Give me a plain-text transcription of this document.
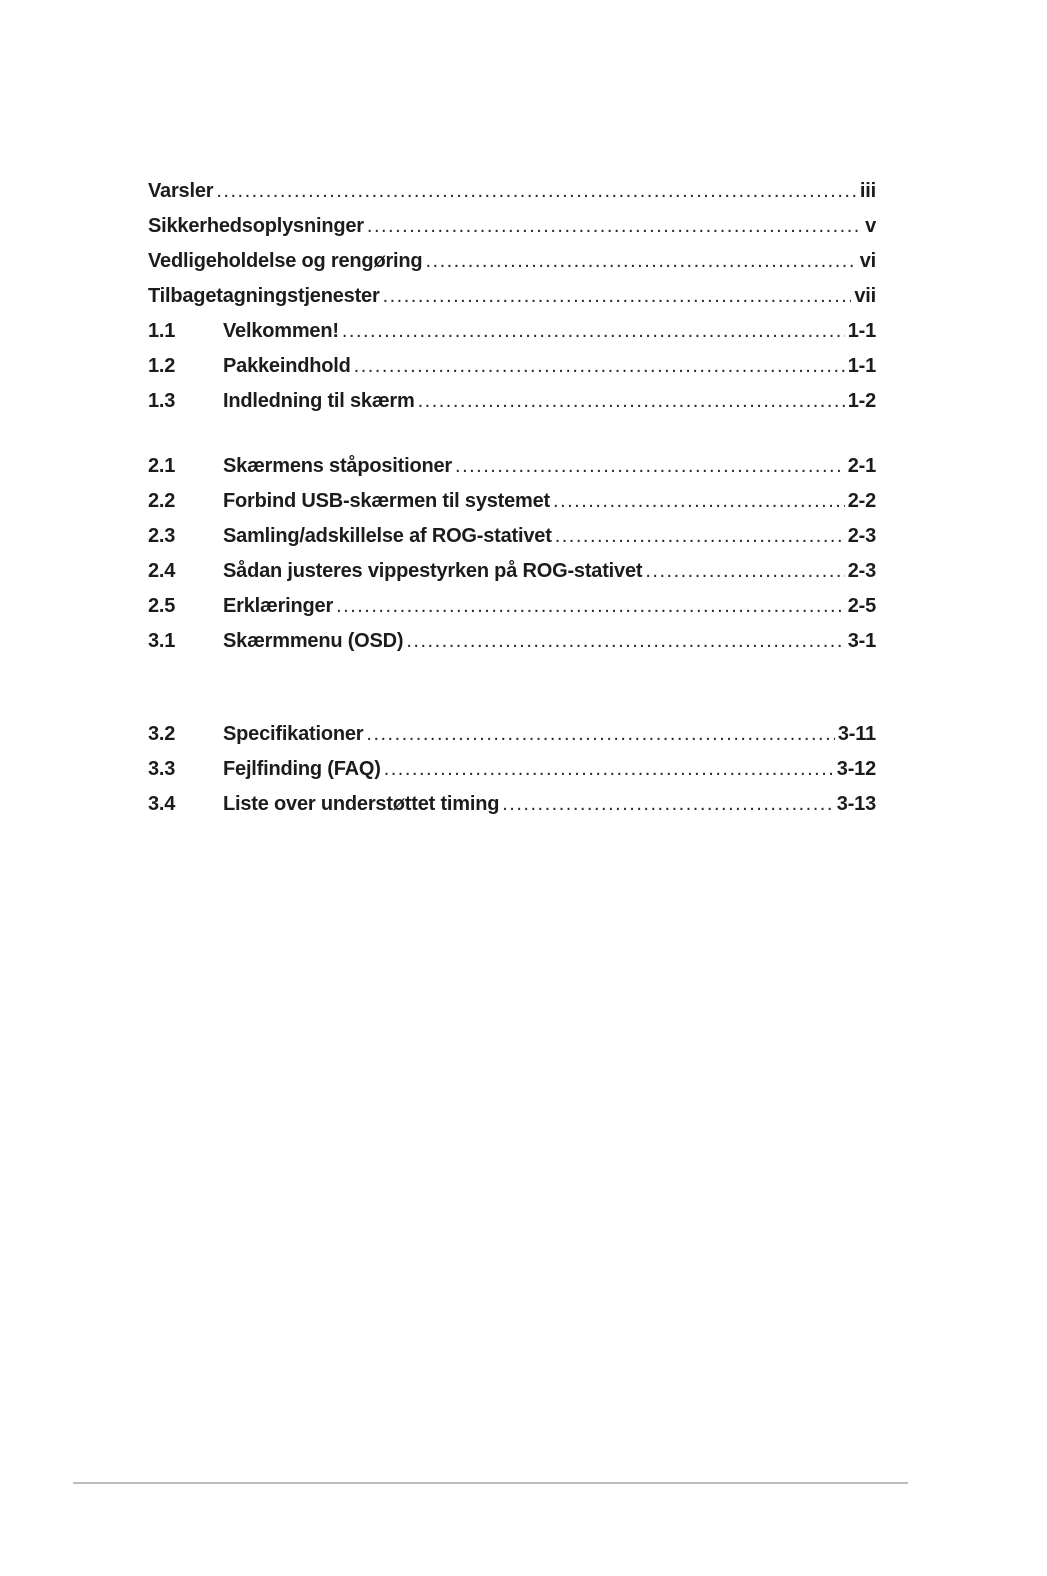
Varsler .....	iii
Sikkerhedsoplysninger .....	v
Vedligeholdelse og rengøring .....	vi
Tilbagetagningstjenester .....	vii
1.1	Velkommen! .....	1-1
1.2	Pakkeindhold .....	1-1
1.3	Indledning til skærm .....	1-2
2.1	Skærmens ståpositioner .....	2-1
2.2	Forbind USB-skærmen til systemet .....	2-2
2.3	Samling/adskillelse af ROG-stativet .....	2-3
2.4	Sådan justeres vippestyrken på ROG-stativet .....	2-3
2.5	Erklæringer .....	2-5
3.1	Skærmmenu (OSD) .....	3-1
3.2	Specifikationer .....	3-11
3.3	Fejlfinding (FAQ) .....	3-12
3.4	Liste over understøttet timing .....	3-13
